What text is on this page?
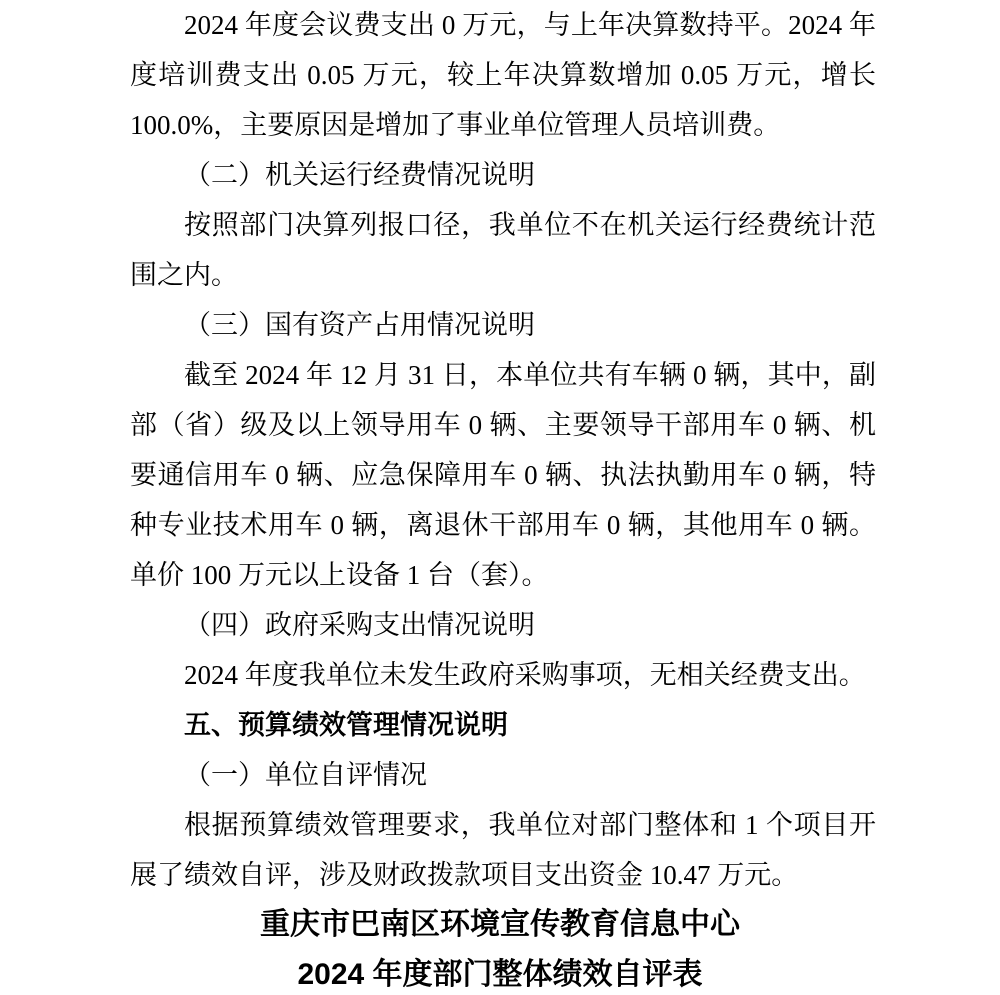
2024 年度会议费支出 0 万元，与上年决算数持平。2024 年度培训费支出 0.05 万元，较上年决算数增加 0.05 万元，增长 100.0%，主要原因是增加了事业单位管理人员培训费。

（二）机关运行经费情况说明

按照部门决算列报口径，我单位不在机关运行经费统计范围之内。

（三）国有资产占用情况说明

截至 2024 年 12 月 31 日，本单位共有车辆 0 辆，其中，副部（省）级及以上领导用车 0 辆、主要领导干部用车 0 辆、机要通信用车 0 辆、应急保障用车 0 辆、执法执勤用车 0 辆，特种专业技术用车 0 辆，离退休干部用车 0 辆，其他用车 0 辆。单价 100 万元以上设备 1 台（套）。

（四）政府采购支出情况说明

2024 年度我单位未发生政府采购事项，无相关经费支出。

五、预算绩效管理情况说明

（一）单位自评情况

根据预算绩效管理要求，我单位对部门整体和 1 个项目开展了绩效自评，涉及财政拨款项目支出资金 10.47 万元。

重庆市巴南区环境宣传教育信息中心

2024 年度部门整体绩效自评表
